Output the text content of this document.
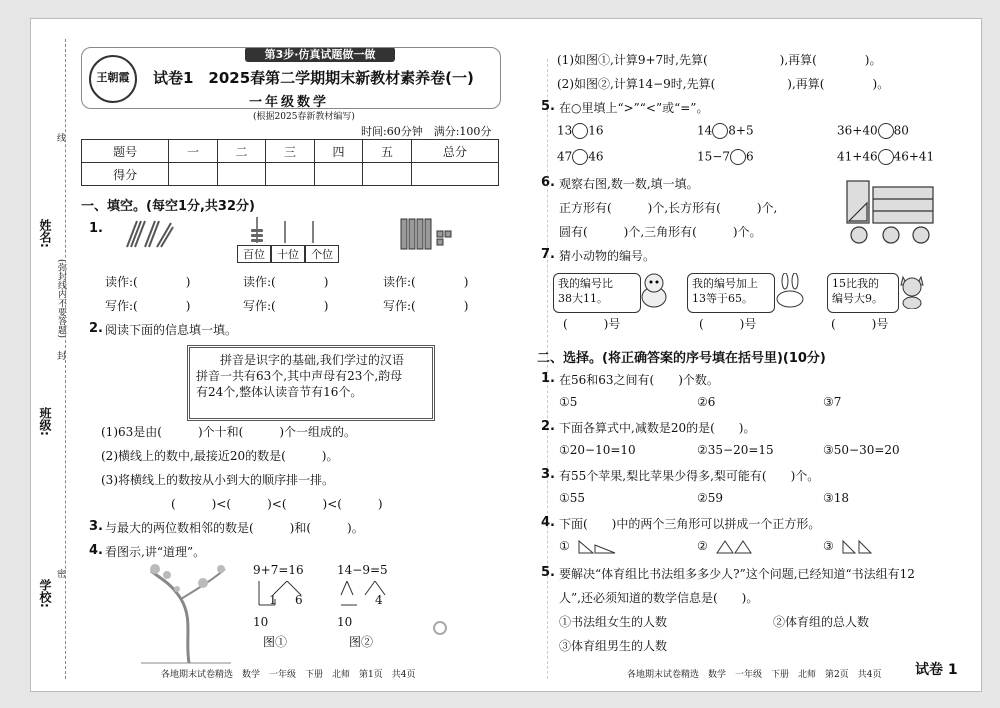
姓名:
班级:
学校:
(弥封线内不要答题)
线
封
密
第3步·仿真试题做一做
王朝霞	试卷1　2025春第二学期期末新教材素养卷(一)
一年级数学
(根据2025春新教材编写)
时间:60分钟　满分:100分
题号	一	二	三	四	五	总分
得分						
一、填空。(每空1分,共32分)
1.
百位	十位	个位
读作:(　　　　)	读作:(　　　　)	读作:(　　　　)
写作:(　　　　)	写作:(　　　　)	写作:(　　　　)
2. 阅读下面的信息填一填。
拼音是识字的基础,我们学过的汉语
拼音一共有63个,其中声母有23个,韵母
有24个,整体认读音节有16个。
(1)63是由(　　　)个十和(　　　)个一组成的。
(2)横线上的数中,最接近20的数是(　　　)。
(3)将横线上的数按从小到大的顺序排一排。
(　　　)<(　　　)<(　　　)<(　　　)
3. 与最大的两位数相邻的数是(　　　)和(　　　)。
4. 看图示,讲“道理”。
9+7=16
1 6
10
图①
14−9=5
4
10
图②
各地期末试卷精选　数学　一年级　下册　北师　第1页　共4页
(1)如图①,计算9+7时,先算(　　　　　　),再算(　　　　)。
(2)如图②,计算14−9时,先算(　　　　　　),再算(　　　　)。
5. 在○里填上“>”“<”或“=”。
13 16	14 8+5	36+40 80
47 46	15−7 6	41+46 46+41
6. 观察右图,数一数,填一填。
正方形有(　　　)个,长方形有(　　　)个,
圆有(　　　)个,三角形有(　　　)个。
7. 猜小动物的编号。
我的编号比
38大11。
我的编号加上
13等于65。
15比我的
编号大9。
(　　　)号	(　　　)号	(　　　)号
二、选择。(将正确答案的序号填在括号里)(10分)
1. 在56和63之间有(　　)个数。
①5	②6	③7
2. 下面各算式中,减数是20的是(　　)。
①20−10=10	②35−20=15	③50−30=20
3. 有55个苹果,梨比苹果少得多,梨可能有(　　)个。
①55	②59	③18
4. 下面(　　)中的两个三角形可以拼成一个正方形。
①	②	③
5. 要解决“体育组比书法组多多少人?”这个问题,已经知道“书法组有12
人”,还必须知道的数学信息是(　　)。
①书法组女生的人数	②体育组的总人数
③体育组男生的人数
各地期末试卷精选　数学　一年级　下册　北师　第2页　共4页 试卷 1
